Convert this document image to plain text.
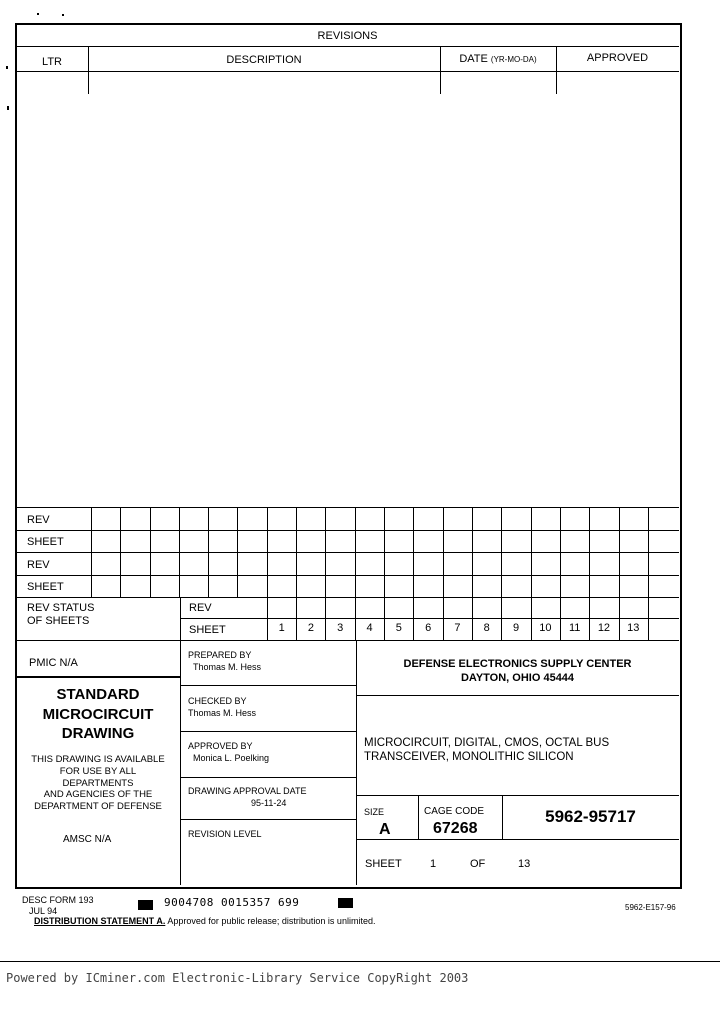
REVISIONS
LTR	DESCRIPTION	DATE (YR-MO-DA)	APPROVED
REV
SHEET
REV
SHEET
REV STATUS
OF SHEETS
REV
SHEET	1	2	3	4	5	6	7	8	9	10	11	12	13
PMIC N/A
STANDARD
MICROCIRCUIT
DRAWING
THIS DRAWING IS AVAILABLE
FOR USE BY ALL
DEPARTMENTS
AND AGENCIES OF THE
DEPARTMENT OF DEFENSE
AMSC N/A
PREPARED BY
Thomas M. Hess
CHECKED BY
Thomas M. Hess
APPROVED BY
Monica L. Poelking
DRAWING APPROVAL DATE
95-11-24
REVISION LEVEL
DEFENSE ELECTRONICS SUPPLY CENTER
DAYTON, OHIO 45444
MICROCIRCUIT, DIGITAL, CMOS, OCTAL BUS
TRANSCEIVER, MONOLITHIC SILICON
SIZE
A
CAGE CODE
67268
5962-95717
SHEET	1	OF	13
DESC FORM 193
JUL 94
9004708 0015357 699
DISTRIBUTION STATEMENT A. Approved for public release; distribution is unlimited.
5962-E157-96
Powered by ICminer.com Electronic-Library Service CopyRight 2003
